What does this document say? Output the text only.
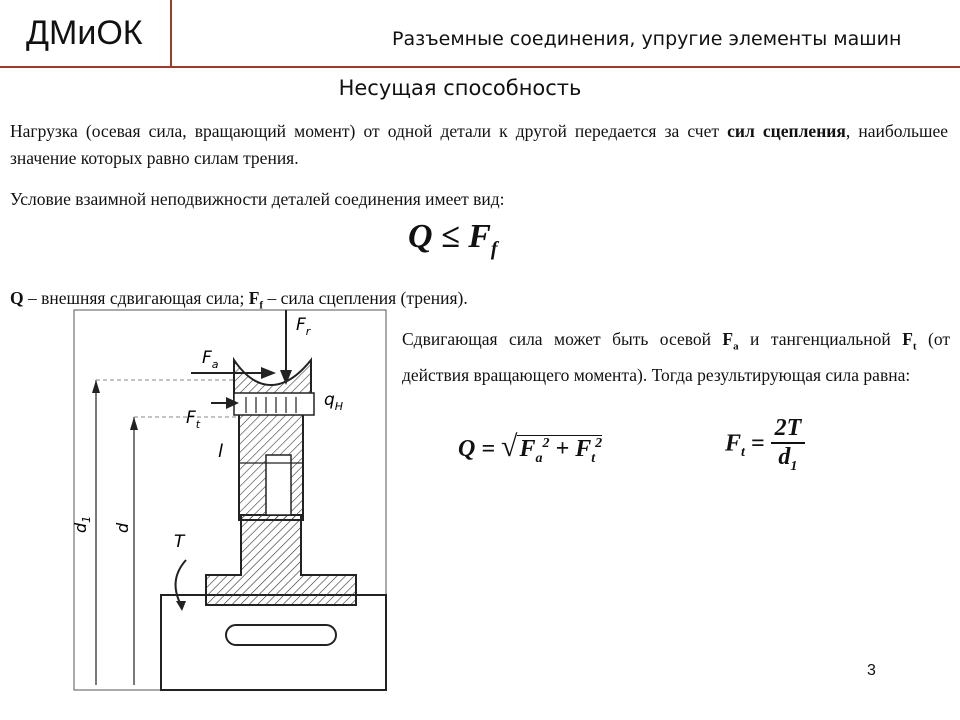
ДМиОК	Разъемные соединения, упругие элементы машин
Несущая способность
Нагрузка (осевая сила, вращающий момент) от одной детали к другой передается за счет сил сцепления, наибольшее значение которых равно силам трения.
Условие взаимной неподвижности деталей соединения имеет вид:
$Q \le F_f$
Q – внешняя сдвигающая сила; $F_f$ – сила сцепления (трения).
Сдвигающая сила может быть осевой $F_a$ и тангенциальной $F_t$ (от действия вращающего момента). Тогда результирующая сила равна:
$Q = √F_a^2 + F_t^2$	$F_t = \frac{2T}{d_1}$
$F_r$
$F_a$
$F_t$
$q_H$
l
$d_1$
d
T
3
